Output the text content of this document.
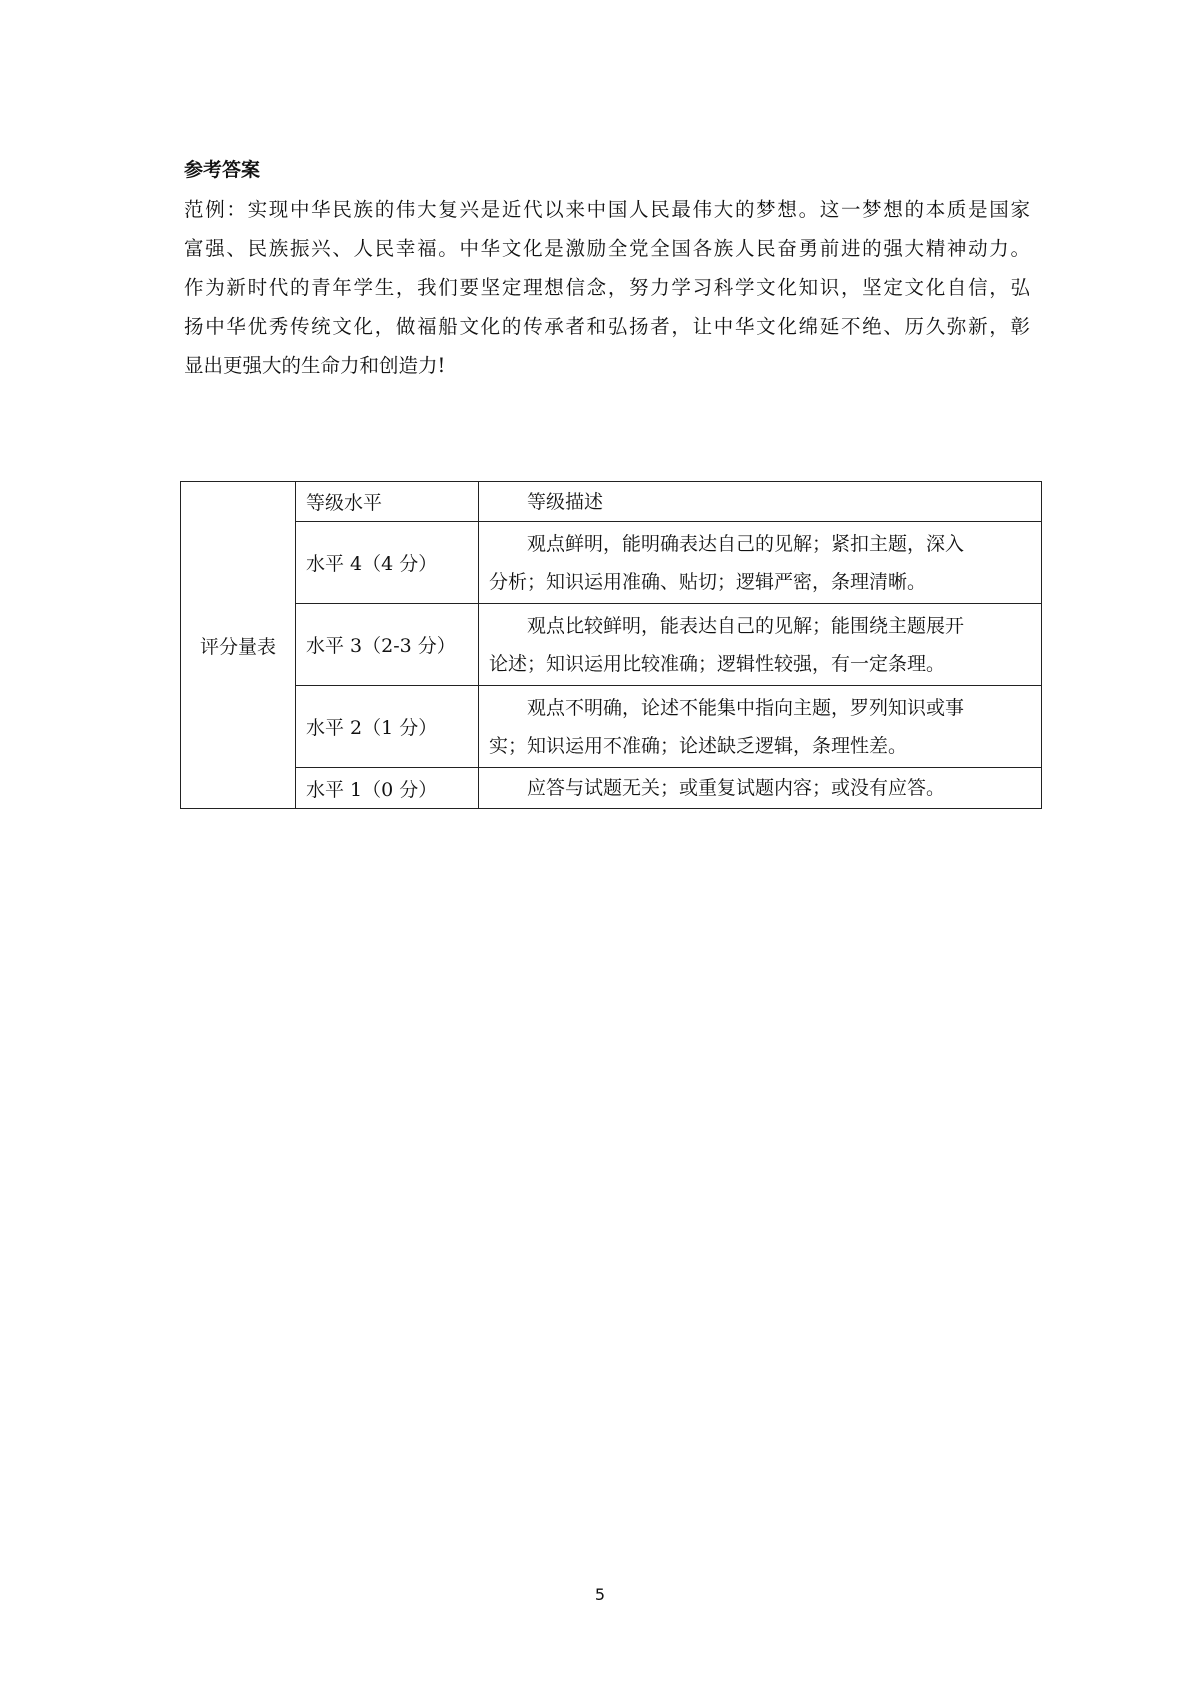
参考答案
范例：实现中华民族的伟大复兴是近代以来中国人民最伟大的梦想。这一梦想的本质是国家
富强、民族振兴、人民幸福。中华文化是激励全党全国各族人民奋勇前进的强大精神动力。
作为新时代的青年学生，我们要坚定理想信念，努力学习科学文化知识，坚定文化自信，弘
扬中华优秀传统文化，做福船文化的传承者和弘扬者，让中华文化绵延不绝、历久弥新，彰
显出更强大的生命力和创造力!
评分量表	等级水平	等级描述

	水平 4（4 分）	观点鲜明，能明确表达自己的见解；紧扣主题，深入
分析；知识运用准确、贴切；逻辑严密，条理清晰。

	水平 3（2-3 分）	观点比较鲜明，能表达自己的见解；能围绕主题展开
论述；知识运用比较准确；逻辑性较强，有一定条理。

	水平 2（1 分）	观点不明确，论述不能集中指向主题，罗列知识或事
实；知识运用不准确；论述缺乏逻辑，条理性差。

	水平 1（0 分）	应答与试题无关；或重复试题内容；或没有应答。

5
